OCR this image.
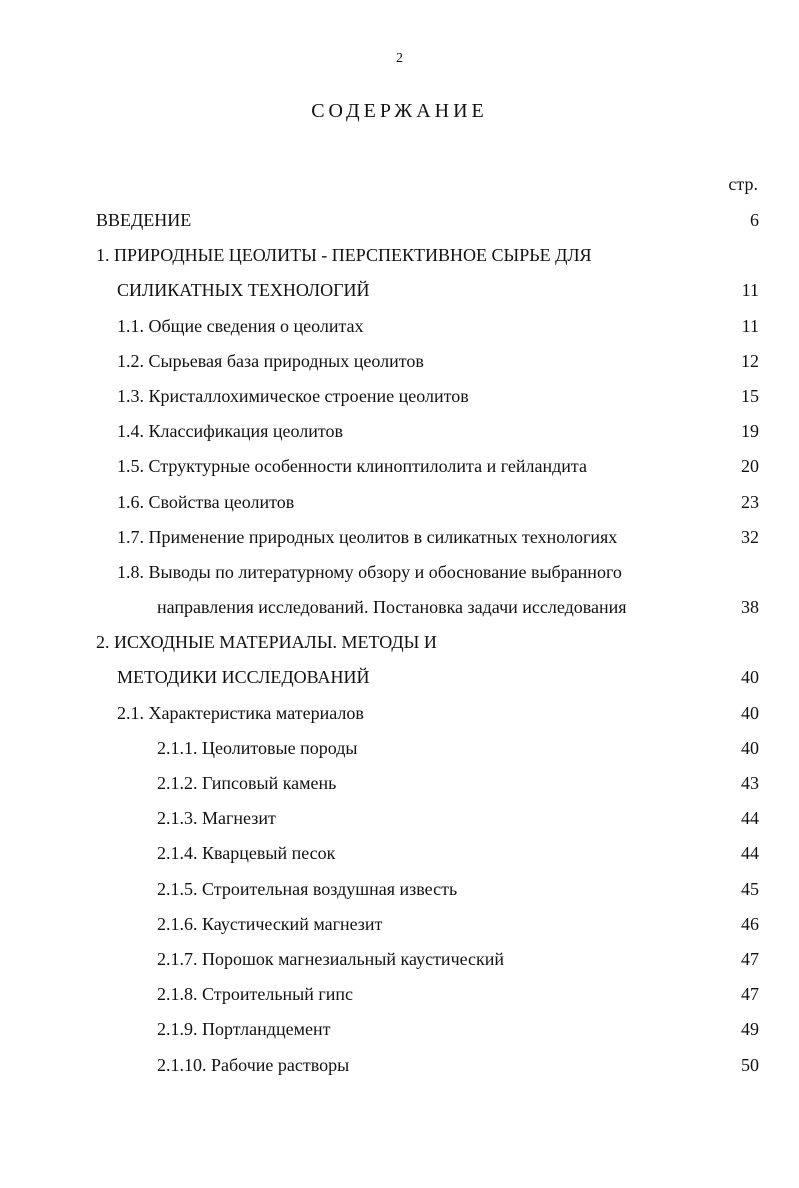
2
СОДЕРЖАНИЕ
стр.
ВВЕДЕНИЕ	6
1. ПРИРОДНЫЕ ЦЕОЛИТЫ - ПЕРСПЕКТИВНОЕ СЫРЬЕ ДЛЯ
СИЛИКАТНЫХ ТЕХНОЛОГИЙ	11
1.1. Общие сведения о цеолитах	11
1.2. Сырьевая база природных цеолитов	12
1.3. Кристаллохимическое строение цеолитов	15
1.4. Классификация цеолитов	19
1.5. Структурные особенности клиноптилолита и гейландита	20
1.6. Свойства цеолитов	23
1.7. Применение природных цеолитов в силикатных технологиях	32
1.8. Выводы по литературному обзору и обоснование выбранного
направления исследований. Постановка задачи исследования	38
2. ИСХОДНЫЕ МАТЕРИАЛЫ. МЕТОДЫ И
МЕТОДИКИ ИССЛЕДОВАНИЙ	40
2.1. Характеристика материалов	40
2.1.1. Цеолитовые породы	40
2.1.2. Гипсовый камень	43
2.1.3. Магнезит	44
2.1.4. Кварцевый песок	44
2.1.5. Строительная воздушная известь	45
2.1.6. Каустический магнезит	46
2.1.7. Порошок магнезиальный каустический	47
2.1.8. Строительный гипс	47
2.1.9. Портландцемент	49
2.1.10. Рабочие растворы	50
